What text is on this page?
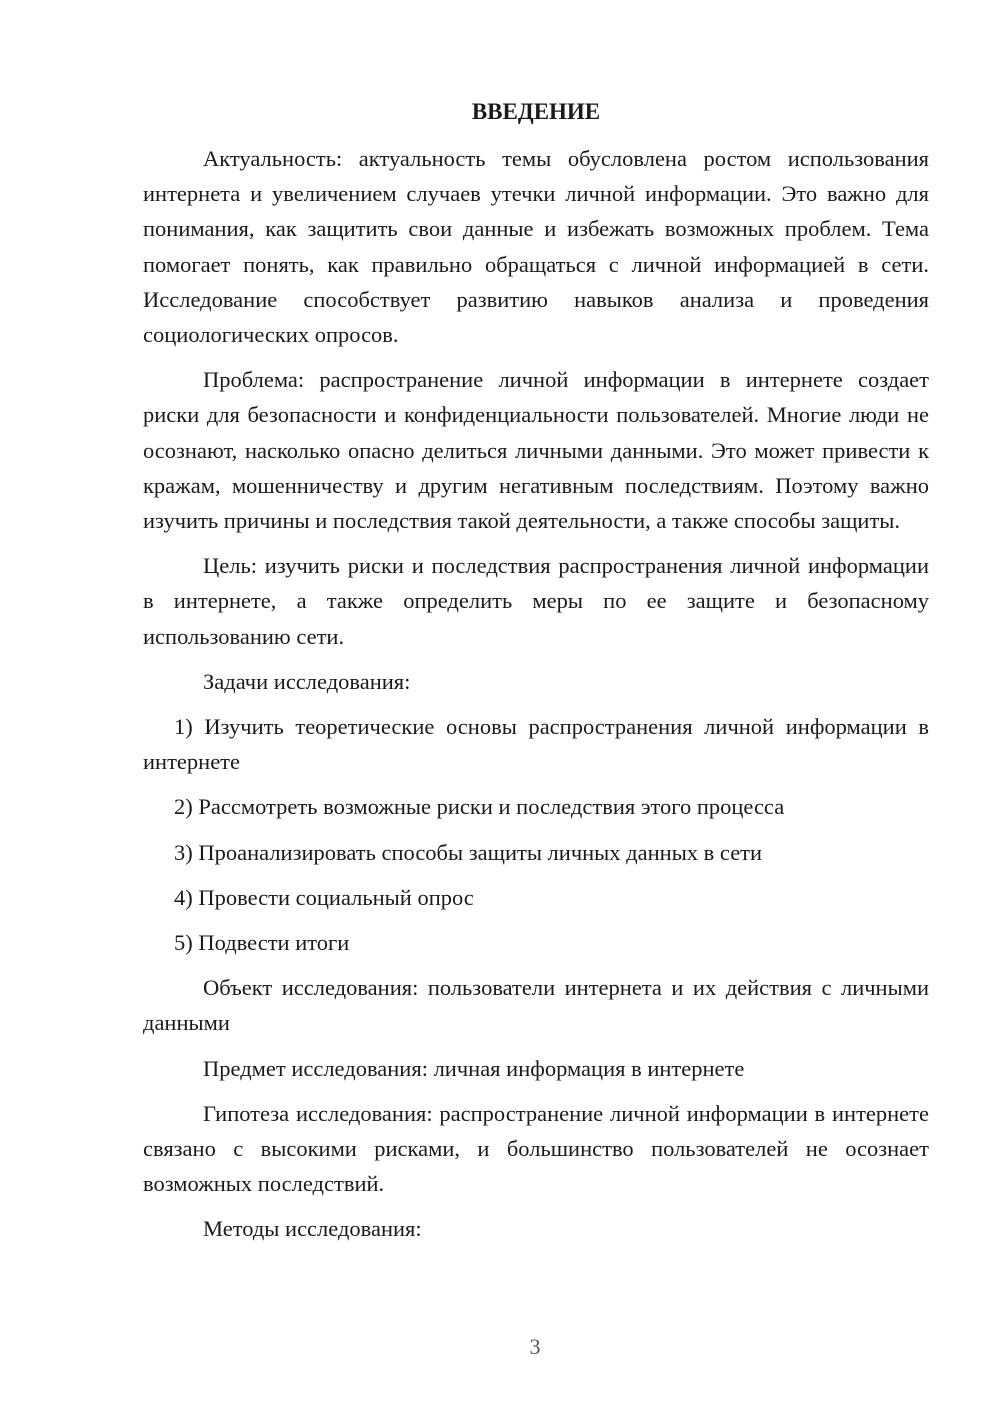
ВВЕДЕНИЕ

Актуальность: актуальность темы обусловлена ростом использования интернета и увеличением случаев утечки личной информации. Это важно для понимания, как защитить свои данные и избежать возможных проблем. Тема помогает понять, как правильно обращаться с личной информацией в сети. Исследование способствует развитию навыков анализа и проведения социологических опросов.

Проблема: распространение личной информации в интернете создает риски для безопасности и конфиденциальности пользователей. Многие люди не осознают, насколько опасно делиться личными данными. Это может привести к кражам, мошенничеству и другим негативным последствиям. Поэтому важно изучить причины и последствия такой деятельности, а также способы защиты.

Цель: изучить риски и последствия распространения личной информации в интернете, а также определить меры по ее защите и безопасному использованию сети.

Задачи исследования:

1) Изучить теоретические основы распространения личной информации в интернете

2) Рассмотреть возможные риски и последствия этого процесса

3) Проанализировать способы защиты личных данных в сети

4) Провести социальный опрос

5) Подвести итоги

Объект исследования: пользователи интернета и их действия с личными данными

Предмет исследования: личная информация в интернете

Гипотеза исследования: распространение личной информации в интернете связано с высокими рисками, и большинство пользователей не осознает возможных последствий.

Методы исследования:

3
